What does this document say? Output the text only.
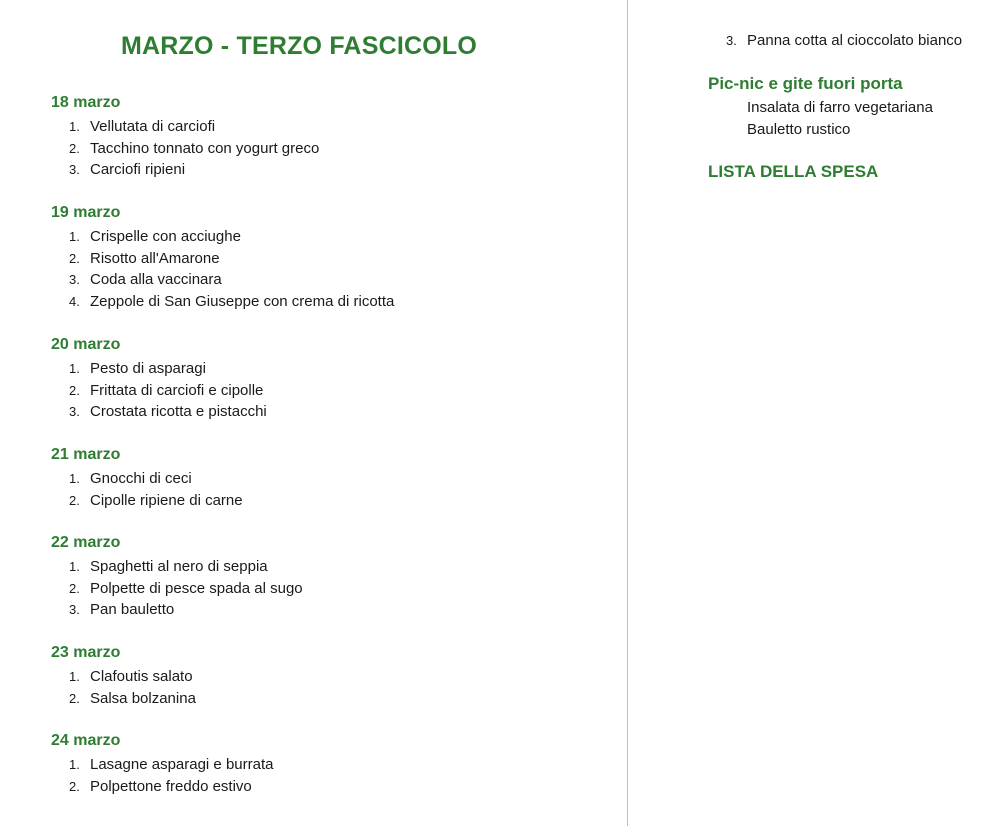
MARZO - TERZO FASCICOLO
18 marzo
1. Vellutata di carciofi
2. Tacchino tonnato con yogurt greco
3. Carciofi ripieni
19 marzo
1. Crispelle con acciughe
2. Risotto all'Amarone
3. Coda alla vaccinara
4. Zeppole di San Giuseppe con crema di ricotta
20 marzo
1. Pesto di asparagi
2. Frittata di carciofi e cipolle
3. Crostata ricotta e pistacchi
21 marzo
1. Gnocchi di ceci
2. Cipolle ripiene di carne
22 marzo
1. Spaghetti al nero di seppia
2. Polpette di pesce spada al sugo
3. Pan bauletto
23 marzo
1. Clafoutis salato
2. Salsa bolzanina
24 marzo
1. Lasagne asparagi e burrata
2. Polpettone freddo estivo
3. Panna cotta al cioccolato bianco
Pic-nic e gite fuori porta
Insalata di farro vegetariana
Bauletto rustico
LISTA DELLA SPESA
